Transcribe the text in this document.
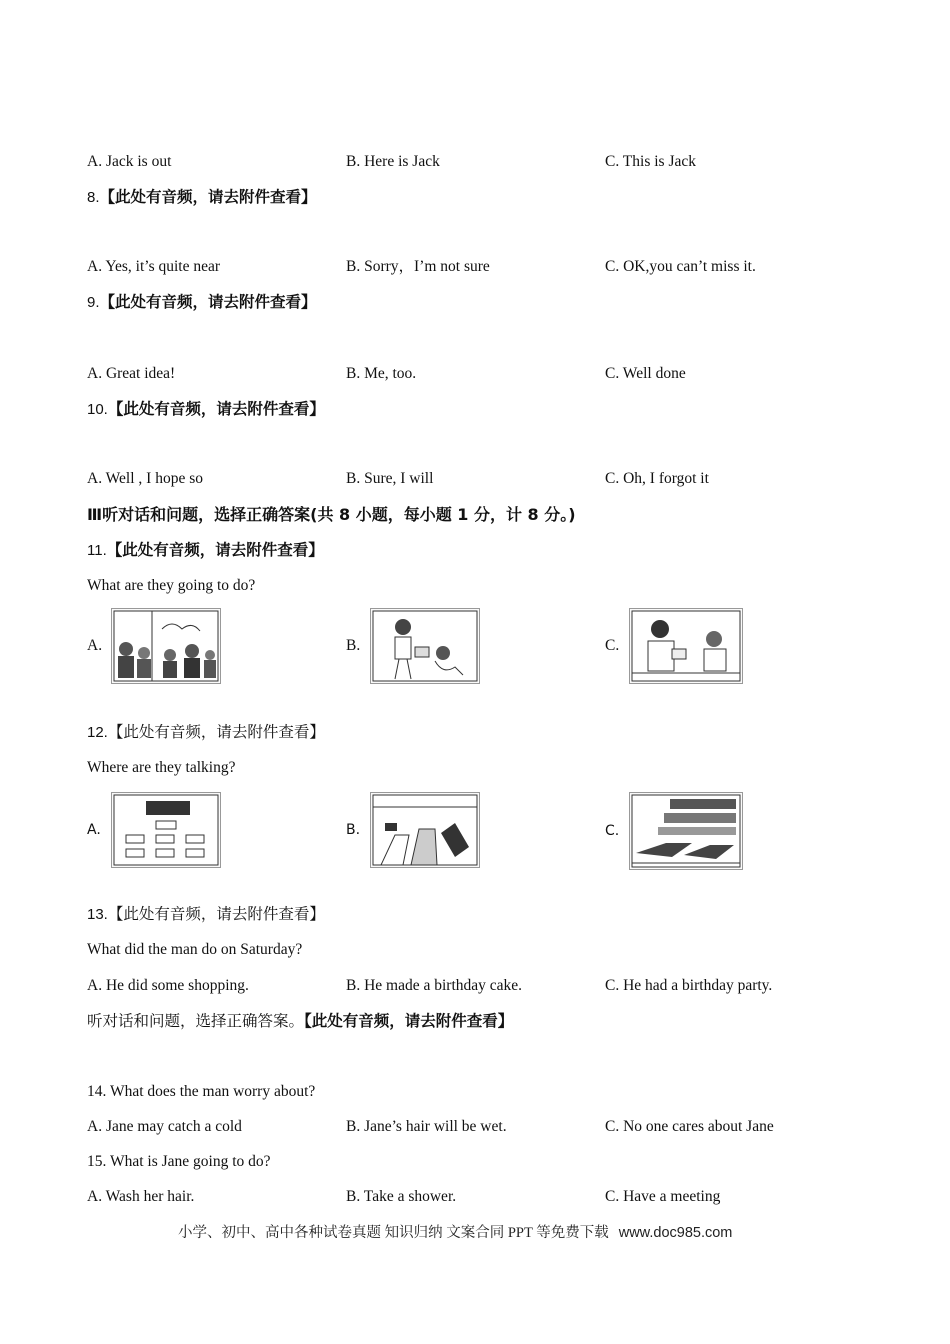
A. Jack is out	B. Here is Jack	C. This is Jack
8.【此处有音频，请去附件查看】
A. Yes, it’s quite near	B. Sorry，I’m not sure	C. OK,you can’t miss it.
9.【此处有音频，请去附件查看】
A. Great idea!	B. Me, too.	C. Well done
10.【此处有音频，请去附件查看】
A. Well , I hope so	B. Sure, I will	C. Oh, I forgot it
Ⅲ听对话和问题，选择正确答案(共 8 小题，每小题 1 分，计 8 分。)
11.【此处有音频，请去附件查看】
What are they going to do?
A.	B.	C.
12.【此处有音频，请去附件查看】
Where are they talking?
A.	B.	C.
13.【此处有音频，请去附件查看】
What did the man do on Saturday?
A. He did some shopping.	B. He made a birthday cake.	C. He had a birthday party.
听对话和问题，选择正确答案。【此处有音频，请去附件查看】
14. What does the man worry about?
A. Jane may catch a cold	B. Jane’s hair will be wet.	C. No one cares about Jane
15. What is Jane going to do?
A. Wash her hair.	B. Take a shower.	C. Have a meeting
小学、初中、高中各种试卷真题 知识归纳 文案合同 PPT 等免费下载 www.doc985.com
